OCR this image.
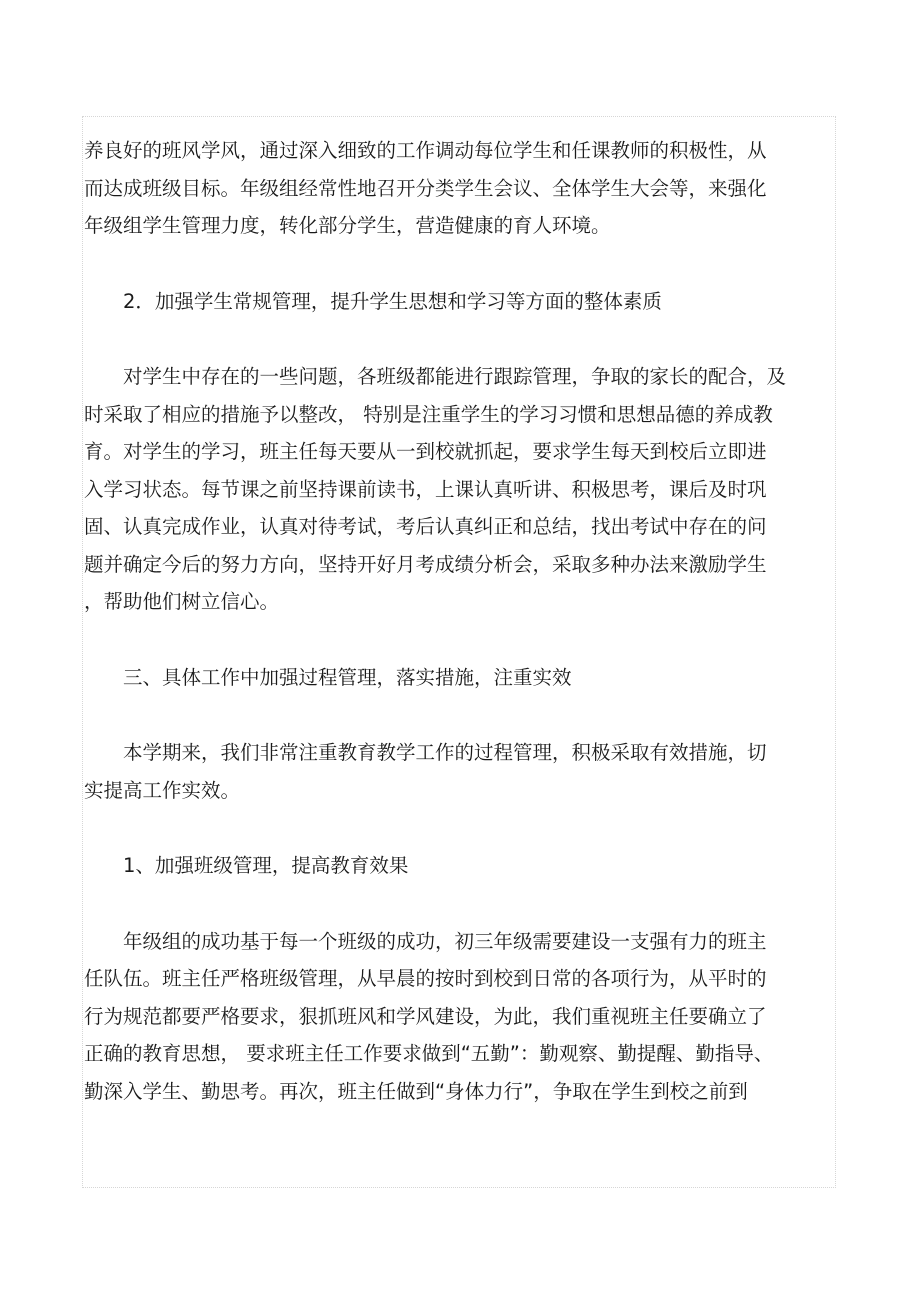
养良好的班风学风，通过深入细致的工作调动每位学生和任课教师的积极性，从
而达成班级目标。年级组经常性地召开分类学生会议、全体学生大会等，来强化
年级组学生管理力度，转化部分学生，营造健康的育人环境。

2．加强学生常规管理，提升学生思想和学习等方面的整体素质

对学生中存在的一些问题，各班级都能进行跟踪管理，争取的家长的配合，及
时采取了相应的措施予以整改， 特别是注重学生的学习习惯和思想品德的养成教
育。对学生的学习，班主任每天要从一到校就抓起，要求学生每天到校后立即进
入学习状态。每节课之前坚持课前读书，上课认真听讲、积极思考，课后及时巩
固、认真完成作业，认真对待考试，考后认真纠正和总结，找出考试中存在的问
题并确定今后的努力方向，坚持开好月考成绩分析会，采取多种办法来激励学生
，帮助他们树立信心。

三、具体工作中加强过程管理，落实措施，注重实效

本学期来，我们非常注重教育教学工作的过程管理，积极采取有效措施，切
实提高工作实效。

1、加强班级管理，提高教育效果

年级组的成功基于每一个班级的成功，初三年级需要建设一支强有力的班主
任队伍。班主任严格班级管理，从早晨的按时到校到日常的各项行为，从平时的
行为规范都要严格要求，狠抓班风和学风建设，为此，我们重视班主任要确立了
正确的教育思想， 要求班主任工作要求做到“五勤”：勤观察、勤提醒、勤指导、
勤深入学生、勤思考。再次，班主任做到“身体力行”，争取在学生到校之前到
